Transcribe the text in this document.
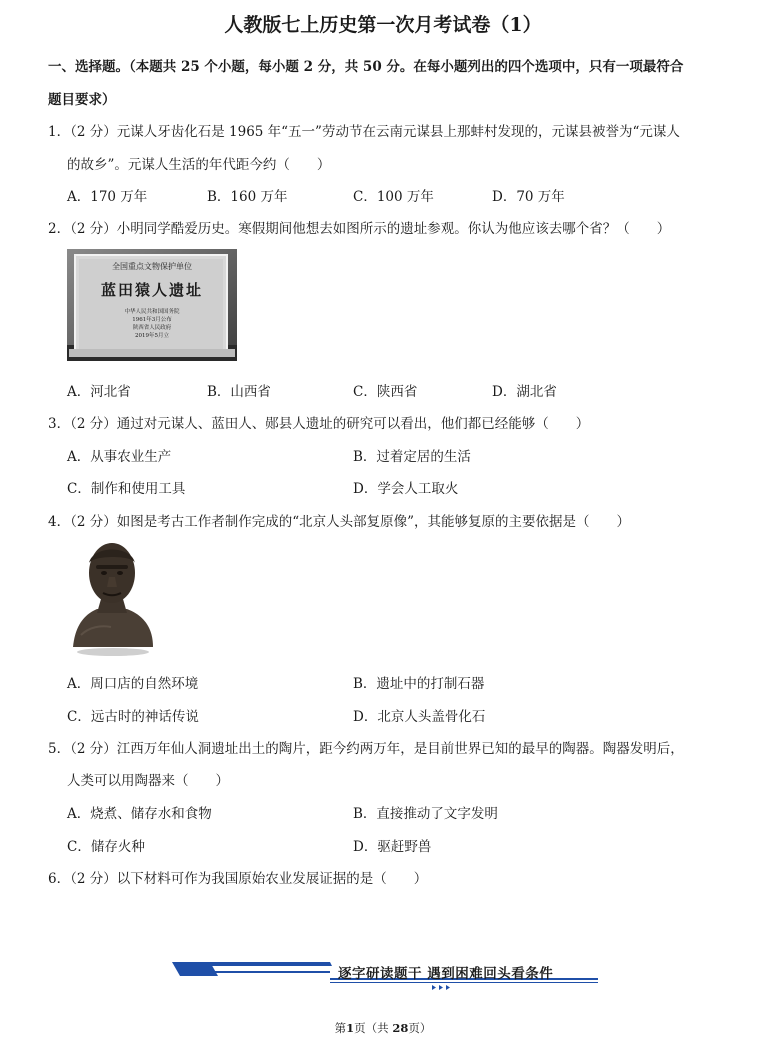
人教版七上历史第一次月考试卷（1）
一、选择题。（本题共 25 个小题，每小题 2 分，共 50 分。在每小题列出的四个选项中，只有一项最符合
题目要求）
1．（2 分）元谋人牙齿化石是 1965 年“五一”劳动节在云南元谋县上那蚌村发现的，元谋县被誉为“元谋人
的故乡”。元谋人生活的年代距今约（　　）
A．170 万年	B．160 万年	C．100 万年	D．70 万年
2．（2 分）小明同学酷爱历史。寒假期间他想去如图所示的遗址参观。你认为他应该去哪个省？（　　）
全国重点文物保护单位
蓝田猿人遗址
中华人民共和国国务院
1961年3月公布
陕西省人民政府
2019年5月立
A．河北省	B．山西省	C．陕西省	D．湖北省
3．（2 分）通过对元谋人、蓝田人、郧县人遗址的研究可以看出，他们都已经能够（　　）
A．从事农业生产	B．过着定居的生活
C．制作和使用工具	D．学会人工取火
4．（2 分）如图是考古工作者制作完成的“北京人头部复原像”，其能够复原的主要依据是（　　）
A．周口店的自然环境	B．遗址中的打制石器
C．远古时的神话传说	D．北京人头盖骨化石
5．（2 分）江西万年仙人洞遗址出土的陶片，距今约两万年，是目前世界已知的最早的陶器。陶器发明后，
人类可以用陶器来（　　）
A．烧煮、储存水和食物	B．直接推动了文字发明
C．储存火种	D．驱赶野兽
6．（2 分）以下材料可作为我国原始农业发展证据的是（　　）
逐字研读题干 遇到困难回头看条件
第1页（共 28页）
